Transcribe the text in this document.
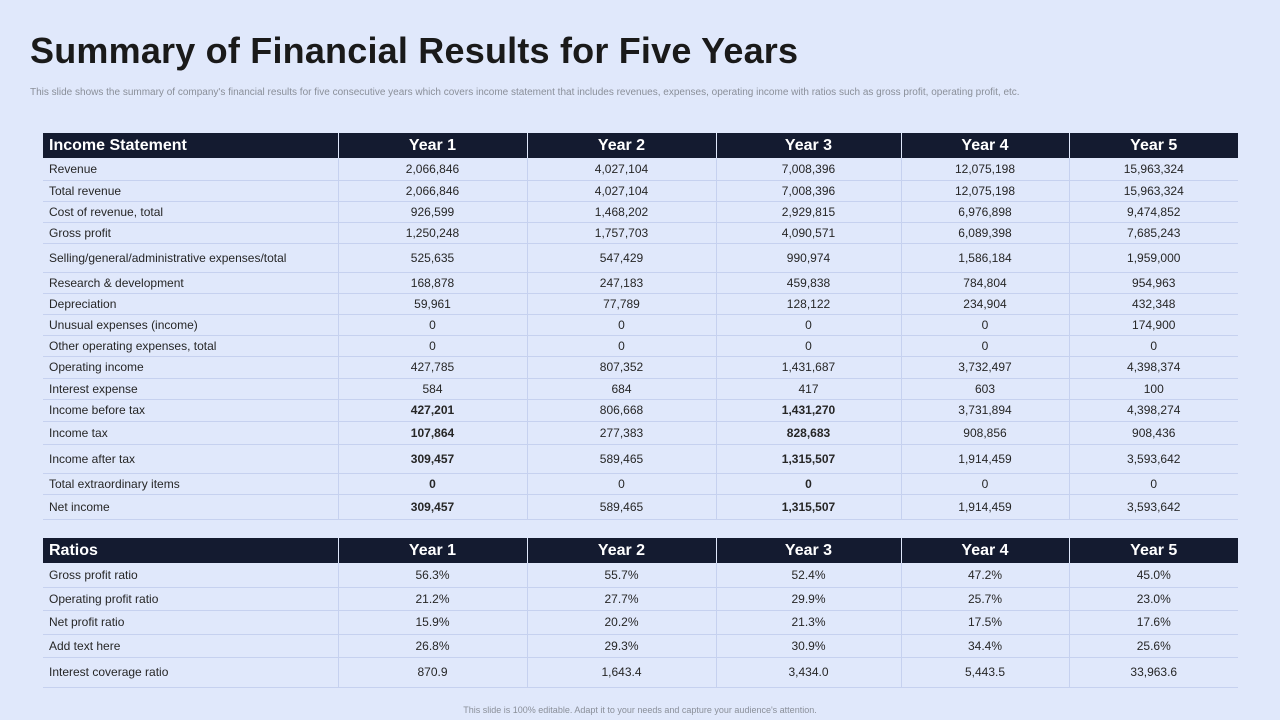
Summary of Financial Results for Five Years

This slide shows the summary of company's financial results for five consecutive years which covers income statement that includes revenues, expenses, operating income with ratios such as gross profit, operating profit, etc.

Income Statement	Year 1	Year 2	Year 3	Year 4	Year 5
Revenue	2,066,846	4,027,104	7,008,396	12,075,198	15,963,324
Total revenue	2,066,846	4,027,104	7,008,396	12,075,198	15,963,324
Cost of revenue, total	926,599	1,468,202	2,929,815	6,976,898	9,474,852
Gross profit	1,250,248	1,757,703	4,090,571	6,089,398	7,685,243
Selling/general/administrative expenses/total	525,635	547,429	990,974	1,586,184	1,959,000
Research & development	168,878	247,183	459,838	784,804	954,963
Depreciation	59,961	77,789	128,122	234,904	432,348
Unusual expenses (income)	0	0	0	0	174,900
Other operating expenses, total	0	0	0	0	0
Operating income	427,785	807,352	1,431,687	3,732,497	4,398,374
Interest expense	584	684	417	603	100
Income before tax	427,201	806,668	1,431,270	3,731,894	4,398,274
Income tax	107,864	277,383	828,683	908,856	908,436
Income after tax	309,457	589,465	1,315,507	1,914,459	3,593,642
Total extraordinary items	0	0	0	0	0
Net income	309,457	589,465	1,315,507	1,914,459	3,593,642
Ratios	Year 1	Year 2	Year 3	Year 4	Year 5
Gross profit ratio	56.3%	55.7%	52.4%	47.2%	45.0%
Operating profit ratio	21.2%	27.7%	29.9%	25.7%	23.0%
Net profit ratio	15.9%	20.2%	21.3%	17.5%	17.6%
Add text here	26.8%	29.3%	30.9%	34.4%	25.6%
Interest coverage ratio	870.9	1,643.4	3,434.0	5,443.5	33,963.6
This slide is 100% editable. Adapt it to your needs and capture your audience's attention.
